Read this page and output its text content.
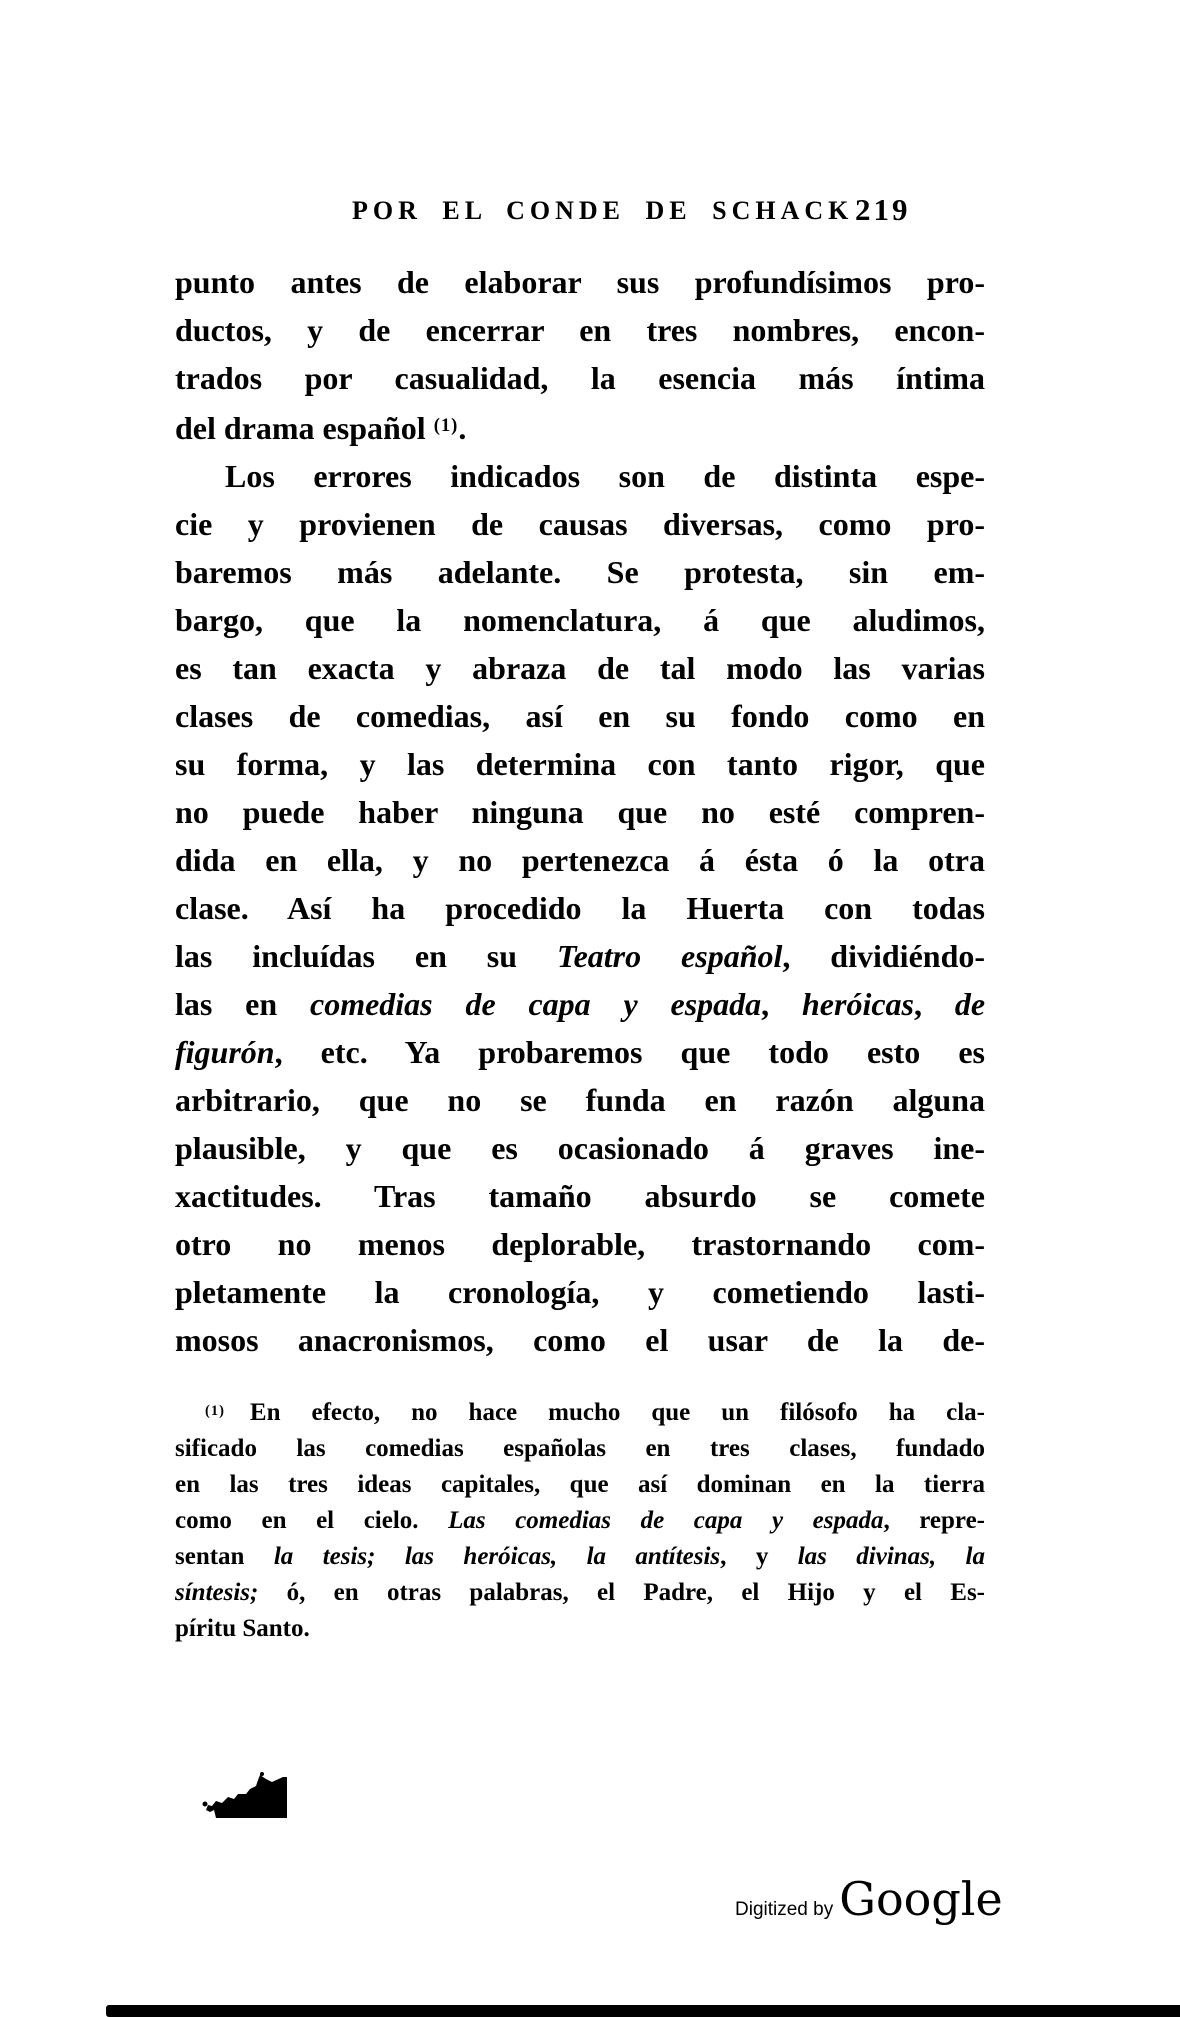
POR EL CONDE DE SCHACK 219
punto antes de elaborar sus profundísimos pro-
ductos, y de encerrar en tres nombres, encon-
trados por casualidad, la esencia más íntima
del drama español $^{(1)}$.
Los errores indicados son de distinta espe-
cie y provienen de causas diversas, como pro-
baremos más adelante. Se protesta, sin em-
bargo, que la nomenclatura, á que aludimos,
es tan exacta y abraza de tal modo las varias
clases de comedias, así en su fondo como en
su forma, y las determina con tanto rigor, que
no puede haber ninguna que no esté compren-
dida en ella, y no pertenezca á ésta ó la otra
clase. Así ha procedido la Huerta con todas
las incluídas en su Teatro español, dividiéndo-
las en comedias de capa y espada, heróicas, de
figurón, etc. Ya probaremos que todo esto es
arbitrario, que no se funda en razón alguna
plausible, y que es ocasionado á graves ine-
xactitudes. Tras tamaño absurdo se comete
otro no menos deplorable, trastornando com-
pletamente la cronología, y cometiendo lasti-
mosos anacronismos, como el usar de la de-
$^{(1)}$  En efecto, no hace mucho que un filósofo ha cla-
sificado las comedias españolas en tres clases, fundado
en las tres ideas capitales, que así dominan en la tierra
como en el cielo. Las comedias de capa y espada, repre-
sentan la tesis; las heróicas, la antítesis, y las divinas, la
síntesis; ó, en otras palabras, el Padre, el Hijo y el Es-
píritu Santo.
Digitized by Google
